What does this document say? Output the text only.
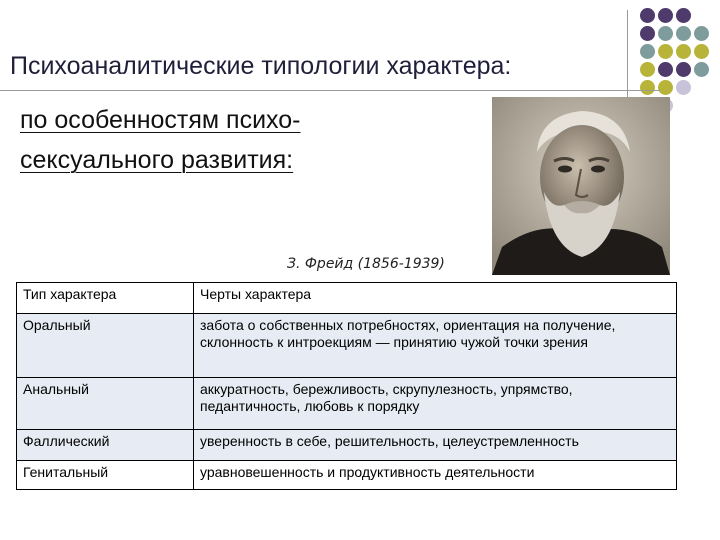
Психоаналитические типологии характера:
по особенностям психо-сексуального развития:
З. Фрейд (1856-1939)
Тип характера	Черты характера
Оральный	забота о собственных потребностях, ориентация на получение, склонность к интроекциям — принятию чужой точки зрения
Анальный	аккуратность, бережливость, скрупулезность, упрямство, педантичность, любовь к порядку
Фаллический	уверенность в себе, решительность, целеустремленность
Генитальный	уравновешенность и продуктивность деятельности
